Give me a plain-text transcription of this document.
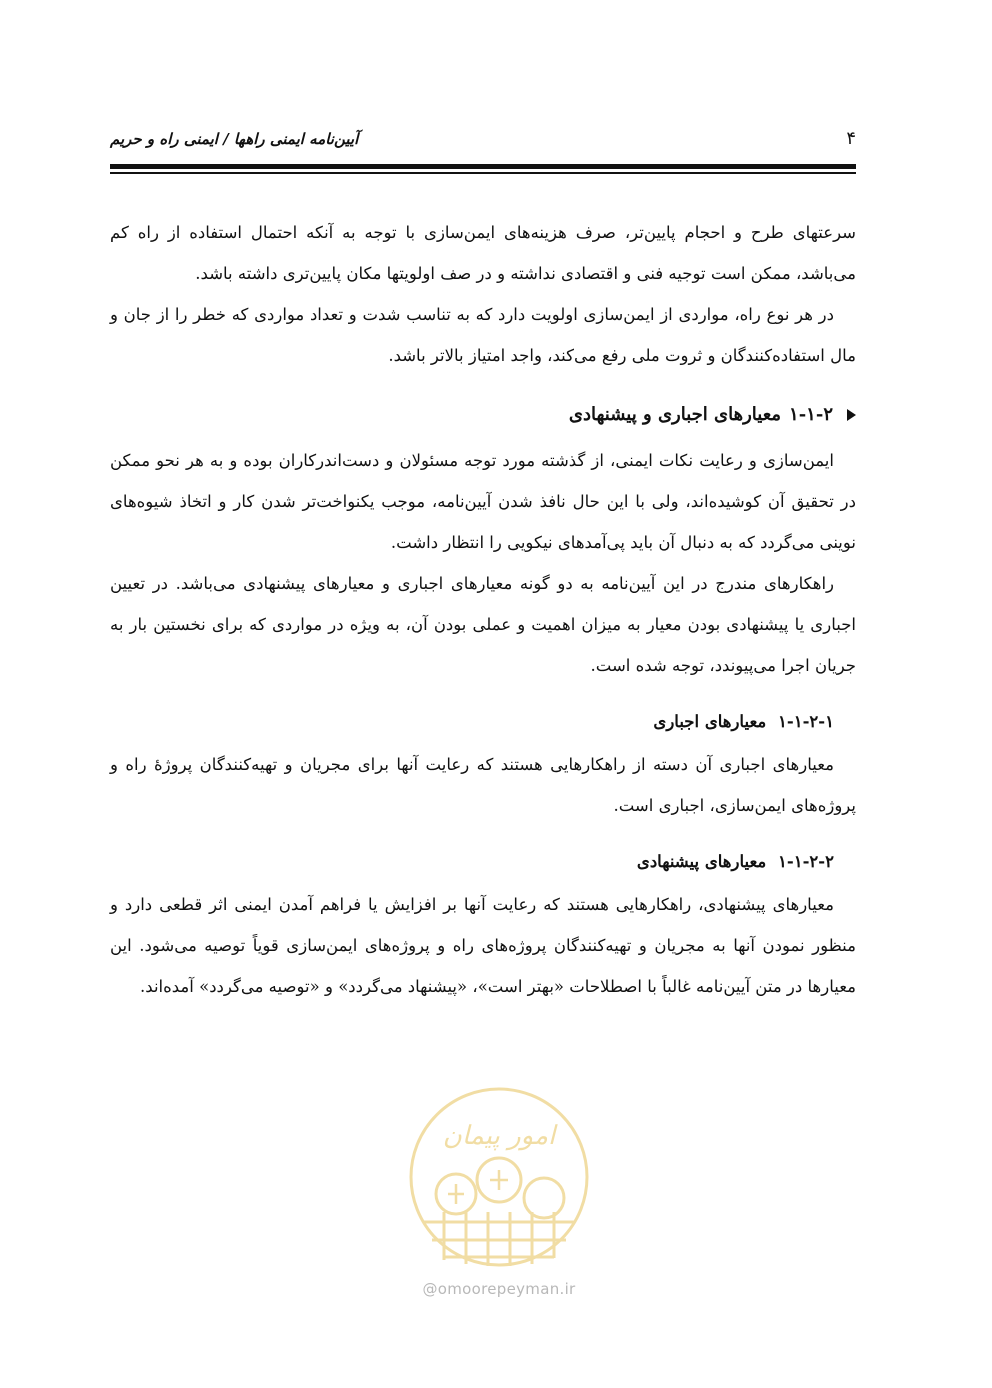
۴
آیین‌نامه ایمنی راهها / ایمنی راه و حریم

سرعتهای طرح و احجام پایین‌تر، صرف هزینه‌های ایمن‌سازی با توجه به آنکه احتمال استفاده از راه کم می‌باشد، ممکن است توجیه فنی و اقتصادی نداشته و در صف اولویتها مکان پایین‌تری داشته باشد.

در هر نوع راه، مواردی از ایمن‌سازی اولویت دارد که به تناسب شدت و تعداد مواردی که خطر را از جان و مال استفاده‌کنندگان و ثروت ملی رفع می‌کند، واجد امتیاز بالاتر باشد.

۱-۱-۲
معیارهای اجباری و پیشنهادی

ایمن‌سازی و رعایت نکات ایمنی، از گذشته مورد توجه مسئولان و دست‌اندرکاران بوده و به هر نحو ممکن در تحقیق آن کوشیده‌اند، ولی با این حال نافذ شدن آیین‌نامه، موجب یکنواخت‌تر شدن کار و اتخاذ شیوه‌های نوینی می‌گردد که به دنبال آن باید پی‌آمدهای نیکویی را انتظار داشت.

راهکارهای مندرج در این آیین‌نامه به دو گونه معیارهای اجباری و معیارهای پیشنهادی می‌باشد. در تعیین اجباری یا پیشنهادی بودن معیار به میزان اهمیت و عملی بودن آن، به ویژه در مواردی که برای نخستین بار به جریان اجرا می‌پیوندد، توجه شده است.

۱-۱-۲-۱ معیارهای اجباری

معیارهای اجباری آن دسته از راهکارهایی هستند که رعایت آنها برای مجریان و تهیه‌کنندگان پروژهٔ راه و پروژه‌های ایمن‌سازی، اجباری است.

۱-۱-۲-۲ معیارهای پیشنهادی

معیارهای پیشنهادی، راهکارهایی هستند که رعایت آنها بر افزایش یا فراهم آمدن ایمنی اثر قطعی دارد و منظور نمودن آنها به مجریان و تهیه‌کنندگان پروژه‌های راه و پروژه‌های ایمن‌سازی قویاً توصیه می‌شود. این معیارها در متن آیین‌نامه غالباً با اصطلاحات «بهتر است»، «پیشنهاد می‌گردد» و «توصیه می‌گردد» آمده‌اند.

امور پیمان
@omoorepeyman.ir
